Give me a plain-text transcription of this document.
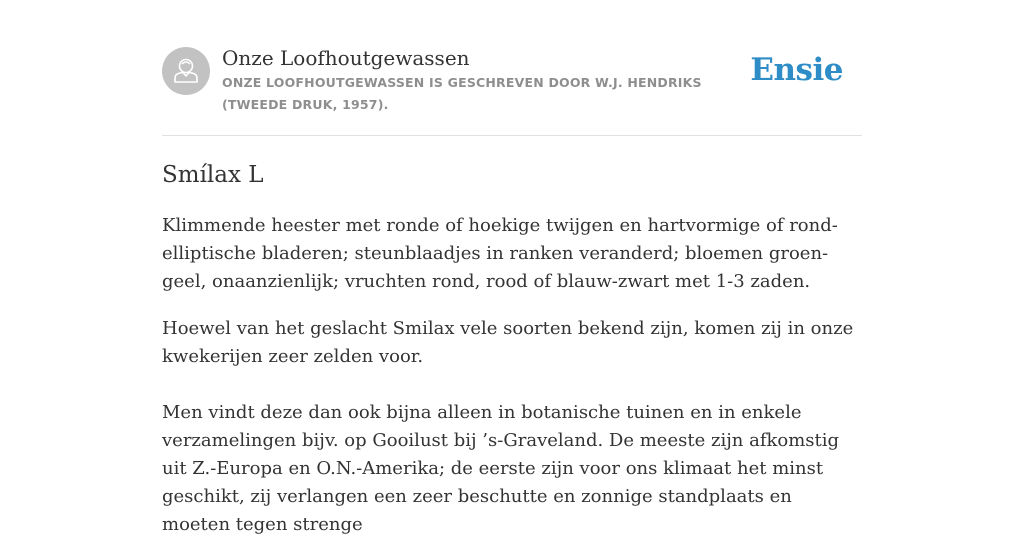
Onze Loofhoutgewassen
ONZE LOOFHOUTGEWASSEN IS GESCHREVEN DOOR W.J. HENDRIKS (TWEEDE DRUK, 1957).
Ensie
Smílax L

Klimmende heester met ronde of hoekige twijgen en hartvormige of rond-elliptische bladeren; steunblaadjes in ranken veranderd; bloemen groen-geel, onaanzienlijk; vruchten rond, rood of blauw-zwart met 1-3 zaden.

Hoewel van het geslacht Smilax vele soorten bekend zijn, komen zij in onze kwekerijen zeer zelden voor.

Men vindt deze dan ook bijna alleen in botanische tuinen en in enkele verzamelingen bijv. op Gooilust bij ’s-Graveland. De meeste zijn afkomstig uit Z.-Europa en O.N.-Amerika; de eerste zijn voor ons klimaat het minst geschikt, zij verlangen een zeer beschutte en zonnige standplaats en moeten tegen strenge
